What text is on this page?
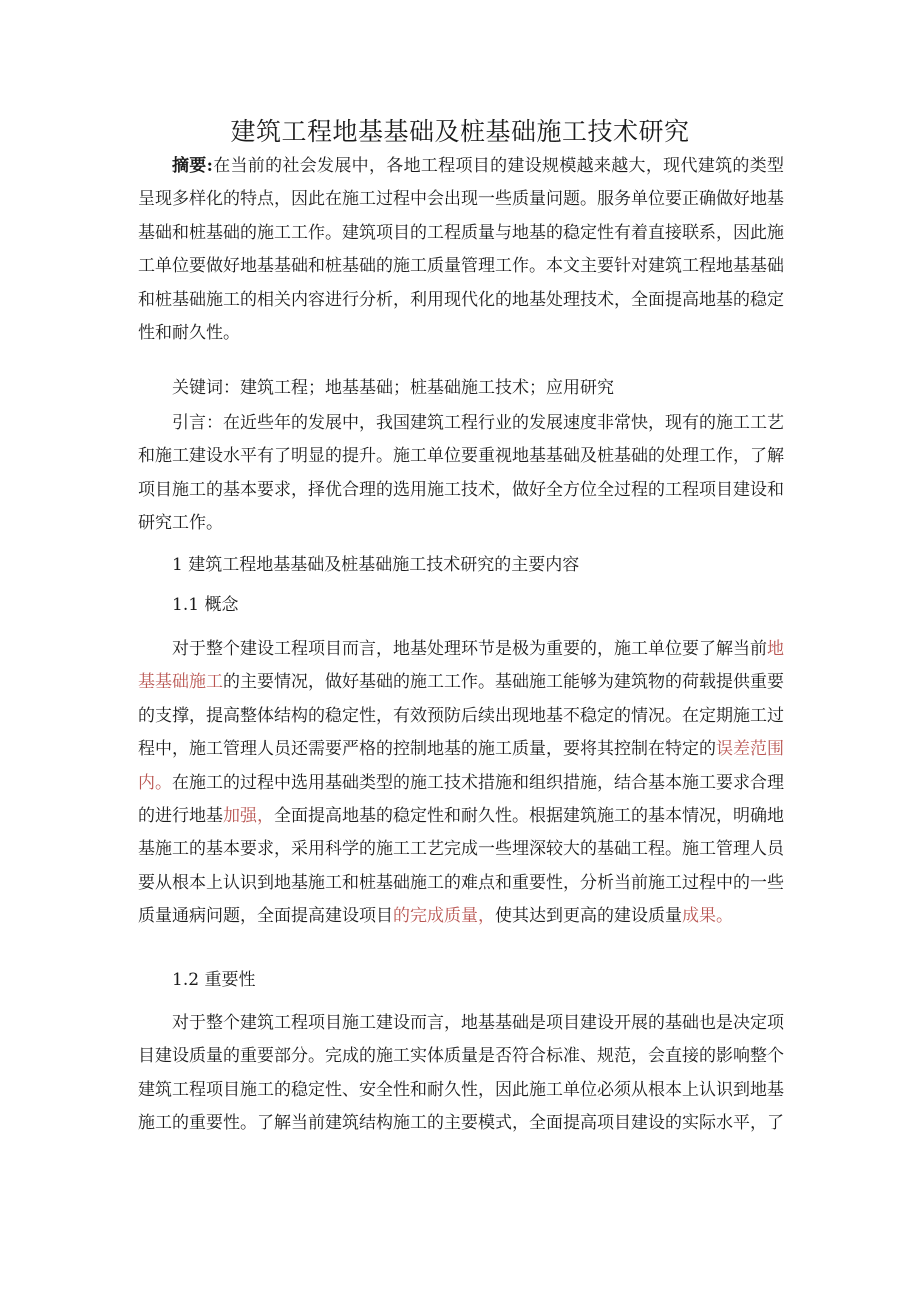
建筑工程地基基础及桩基础施工技术研究

摘要:在当前的社会发展中，各地工程项目的建设规模越来越大，现代建筑的类型呈现多样化的特点，因此在施工过程中会出现一些质量问题。服务单位要正确做好地基基础和桩基础的施工工作。建筑项目的工程质量与地基的稳定性有着直接联系，因此施工单位要做好地基基础和桩基础的施工质量管理工作。本文主要针对建筑工程地基基础和桩基础施工的相关内容进行分析，利用现代化的地基处理技术，全面提高地基的稳定性和耐久性。

关键词：建筑工程；地基基础；桩基础施工技术；应用研究

引言：在近些年的发展中，我国建筑工程行业的发展速度非常快，现有的施工工艺和施工建设水平有了明显的提升。施工单位要重视地基基础及桩基础的处理工作，了解项目施工的基本要求，择优合理的选用施工技术，做好全方位全过程的工程项目建设和研究工作。

1 建筑工程地基基础及桩基础施工技术研究的主要内容

1.1 概念

对于整个建设工程项目而言，地基处理环节是极为重要的，施工单位要了解当前地基基础施工的主要情况，做好基础的施工工作。基础施工能够为建筑物的荷载提供重要的支撑，提高整体结构的稳定性，有效预防后续出现地基不稳定的情况。在定期施工过程中，施工管理人员还需要严格的控制地基的施工质量，要将其控制在特定的误差范围内。在施工的过程中选用基础类型的施工技术措施和组织措施，结合基本施工要求合理的进行地基加强，全面提高地基的稳定性和耐久性。根据建筑施工的基本情况，明确地基施工的基本要求，采用科学的施工工艺完成一些埋深较大的基础工程。施工管理人员要从根本上认识到地基施工和桩基础施工的难点和重要性，分析当前施工过程中的一些质量通病问题，全面提高建设项目的完成质量，使其达到更高的建设质量成果。

1.2 重要性

对于整个建筑工程项目施工建设而言，地基基础是项目建设开展的基础也是决定项目建设质量的重要部分。完成的施工实体质量是否符合标准、规范，会直接的影响整个建筑工程项目施工的稳定性、安全性和耐久性，因此施工单位必须从根本上认识到地基施工的重要性。了解当前建筑结构施工的主要模式，全面提高项目建设的实际水平，了
